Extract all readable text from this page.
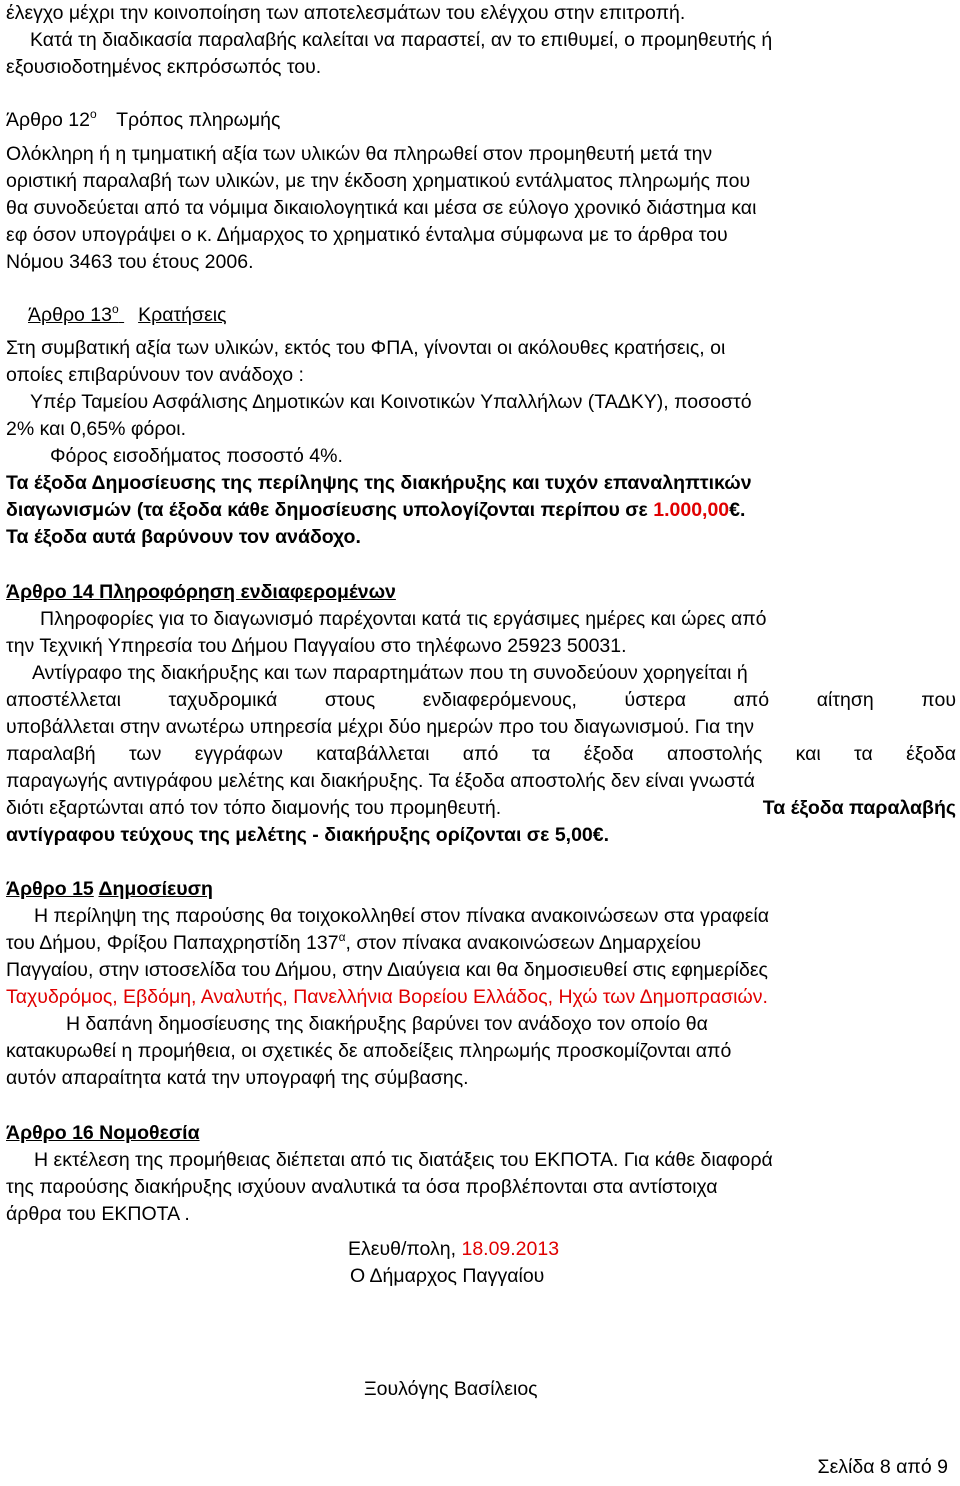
έλεγχο μέχρι την κοινοποίηση των αποτελεσμάτων του ελέγχου στην επιτροπή.
Κατά τη διαδικασία παραλαβής καλείται να παραστεί, αν το επιθυμεί, ο προμηθευτής ή
εξουσιοδοτημένος εκπρόσωπός του.
Άρθρο $12^o$ Τρόπος πληρωμής
Ολόκληρη ή η τμηματική αξία των υλικών θα πληρωθεί στον προμηθευτή μετά την
οριστική παραλαβή των υλικών, με την έκδοση χρηματικού εντάλματος πληρωμής που
θα συνοδεύεται από τα νόμιμα δικαιολογητικά και μέσα σε εύλογο χρονικό διάστημα και
εφ όσον υπογράψει ο κ. Δήμαρχος το χρηματικό ένταλμα σύμφωνα με το άρθρα του
Νόμου 3463 του έτους 2006.
Άρθρο $13^o$ Κρατήσεις
Στη συμβατική αξία των υλικών, εκτός του ΦΠΑ, γίνονται οι ακόλουθες κρατήσεις, οι
οποίες επιβαρύνουν τον ανάδοχο :
Υπέρ Ταμείου Ασφάλισης Δημοτικών και Κοινοτικών Υπαλλήλων (ΤΑΔΚΥ), ποσοστό
2% και 0,65% φόροι.
Φόρος εισοδήματος ποσοστό 4%.
Τα έξοδα Δημοσίευσης της περίληψης της διακήρυξης και τυχόν επαναληπτικών
διαγωνισμών (τα έξοδα κάθε δημοσίευσης υπολογίζονται περίπου σε 1.000,00€.
Τα έξοδα αυτά βαρύνουν τον ανάδοχο.
Άρθρο 14 Πληροφόρηση ενδιαφερομένων
Πληροφορίες για το διαγωνισμό παρέχονται κατά τις εργάσιμες ημέρες και ώρες από
την Τεχνική Υπηρεσία του Δήμου Παγγαίου στο τηλέφωνο 25923 50031.
Αντίγραφο της διακήρυξης και των παραρτημάτων που τη συνοδεύουν χορηγείται ή
αποστέλλεται ταχυδρομικά στους ενδιαφερόμενους, ύστερα από αίτηση που
υποβάλλεται στην ανωτέρω υπηρεσία μέχρι δύο ημερών προ του διαγωνισμού. Για την
παραλαβή των εγγράφων καταβάλλεται από τα έξοδα αποστολής και τα έξοδα
παραγωγής αντιγράφου μελέτης και διακήρυξης. Τα έξοδα αποστολής δεν είναι γνωστά
διότι εξαρτώνται από τον τόπο διαμονής του προμηθευτή.	Τα έξοδα παραλαβής
αντίγραφου τεύχους της μελέτης - διακήρυξης ορίζονται σε 5,00€.
Άρθρο 15 Δημοσίευση
Η περίληψη της παρούσης θα τοιχοκολληθεί στον πίνακα ανακοινώσεων στα γραφεία
του Δήμου, Φρίξου Παπαχρηστίδη $137^\alpha$, στον πίνακα ανακοινώσεων Δημαρχείου
Παγγαίου, στην ιστοσελίδα του Δήμου, στην Διαύγεια και θα δημοσιευθεί στις εφημερίδες
Ταχυδρόμος, Εβδόμη, Αναλυτής, Πανελλήνια Βορείου Ελλάδος, Ηχώ των Δημοπρασιών.
Η δαπάνη δημοσίευσης της διακήρυξης βαρύνει τον ανάδοχο τον οποίο θα
κατακυρωθεί η προμήθεια, οι σχετικές δε αποδείξεις πληρωμής προσκομίζονται από
αυτόν απαραίτητα κατά την υπογραφή της σύμβασης.
Άρθρο 16 Νομοθεσία
Η εκτέλεση της προμήθειας διέπεται από τις διατάξεις του ΕΚΠΟΤΑ. Για κάθε διαφορά
της παρούσης διακήρυξης ισχύουν αναλυτικά τα όσα προβλέπονται στα αντίστοιχα
άρθρα του ΕΚΠΟΤΑ .
Ελευθ/πολη, 18.09.2013
Ο Δήμαρχος Παγγαίου
Ξουλόγης Βασίλειος
Σελίδα 8 από 9
